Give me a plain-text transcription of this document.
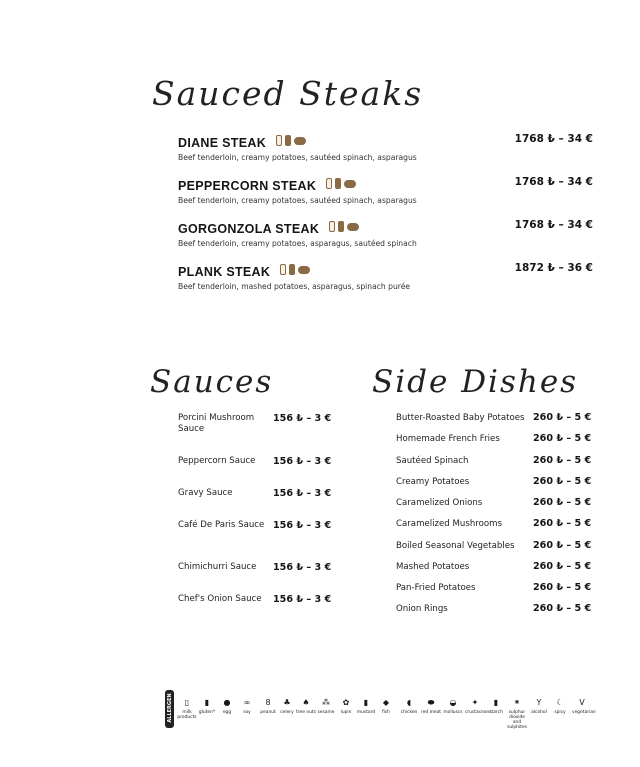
Sauced Steaks
DIANE STEAK
Beef tenderloin, creamy potatoes, sautéed spinach, asparagus
1768 ₺ – 34 €
PEPPERCORN STEAK
Beef tenderloin, creamy potatoes, sautéed spinach, asparagus
1768 ₺ – 34 €
GORGONZOLA STEAK
Beef tenderloin, creamy potatoes, asparagus, sautéed spinach
1768 ₺ – 34 €
PLANK STEAK
Beef tenderloin, mashed potatoes, asparagus, spinach purée
1872 ₺ – 36 €
Sauces	Side Dishes
Porcini Mushroom Sauce
156 ₺ – 3 €
Peppercorn Sauce 156 ₺ – 3 €
Gravy Sauce	156 ₺ – 3 €
Café De Paris Sauce 156 ₺ – 3 €
Chimichurri Sauce 156 ₺ – 3 €
Chef's Onion Sauce 156 ₺ – 3 €
Butter-Roasted Baby Potatoes 260 ₺ – 5 €
Homemade French Fries	260 ₺ – 5 €
Sautéed Spinach	260 ₺ – 5 €
Creamy Potatoes	260 ₺ – 5 €
Caramelized Onions	260 ₺ – 5 €
Caramelized Mushrooms	260 ₺ – 5 €
Boiled Seasonal Vegetables 260 ₺ – 5 €
Mashed Potatoes	260 ₺ – 5 €
Pan-Fried Potatoes	260 ₺ – 5 €
Onion Rings	260 ₺ – 5 €
ALLERGEN	▯
milk products
▮
gluten*
●
egg
∞
soy
8
peanut
♣
celery
♠
tree nuts
⁂
sesame
✿
lupin
▮
mustard
◆
fish
◖
chicken
⬬
red meat
◒
molluscs
✦
crustaceans
▮
starch
⁕
sulphur dioxide and sulphites
Y
alcohol
☾
spicy
V
vegetarian
